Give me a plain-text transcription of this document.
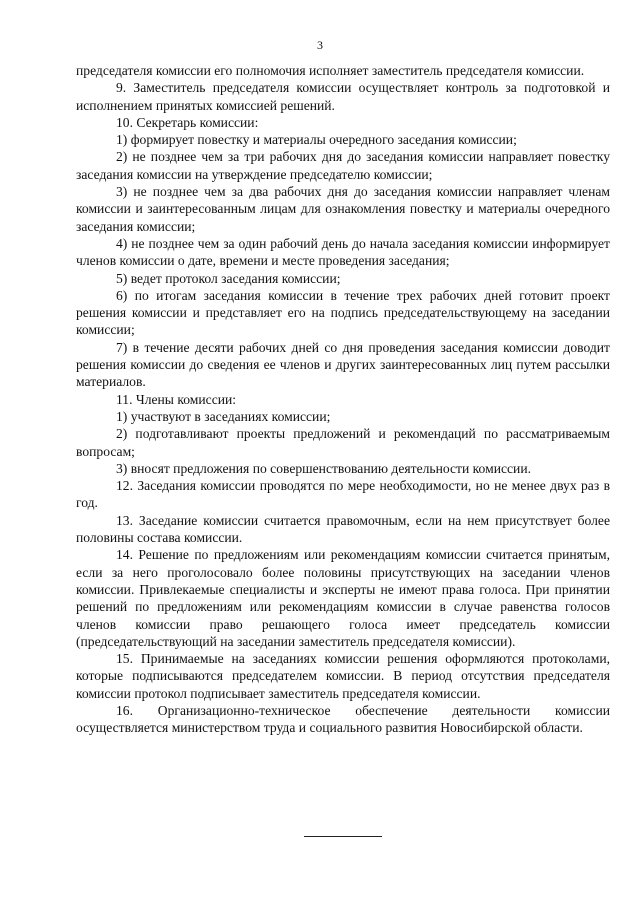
3

председателя комиссии его полномочия исполняет заместитель председателя комиссии.

9. Заместитель председателя комиссии осуществляет контроль за подготовкой и исполнением принятых комиссией решений.

10. Секретарь комиссии:

1) формирует повестку и материалы очередного заседания комиссии;

2) не позднее чем за три рабочих дня до заседания комиссии направляет повестку заседания комиссии на утверждение председателю комиссии;

3) не позднее чем за два рабочих дня до заседания комиссии направляет членам комиссии и заинтересованным лицам для ознакомления повестку и материалы очередного заседания комиссии;

4) не позднее чем за один рабочий день до начала заседания комиссии информирует членов комиссии о дате, времени и месте проведения заседания;

5) ведет протокол заседания комиссии;

6) по итогам заседания комиссии в течение трех рабочих дней готовит проект решения комиссии и представляет его на подпись председательствующему на заседании комиссии;

7) в течение десяти рабочих дней со дня проведения заседания комиссии доводит решения комиссии до сведения ее членов и других заинтересованных лиц путем рассылки материалов.

11. Члены комиссии:

1) участвуют в заседаниях комиссии;

2) подготавливают проекты предложений и рекомендаций по рассматриваемым вопросам;

3) вносят предложения по совершенствованию деятельности комиссии.

12. Заседания комиссии проводятся по мере необходимости, но не менее двух раз в год.

13. Заседание комиссии считается правомочным, если на нем присутствует более половины состава комиссии.

14. Решение по предложениям или рекомендациям комиссии считается принятым, если за него проголосовало более половины присутствующих на заседании членов комиссии. Привлекаемые специалисты и эксперты не имеют права голоса. При принятии решений по предложениям или рекомендациям комиссии в случае равенства голосов членов комиссии право решающего голоса имеет председатель комиссии (председательствующий на заседании заместитель председателя комиссии).

15. Принимаемые на заседаниях комиссии решения оформляются протоколами, которые подписываются председателем комиссии. В период отсутствия председателя комиссии протокол подписывает заместитель председателя комиссии.

16. Организационно-техническое обеспечение деятельности комиссии осуществляется министерством труда и социального развития Новосибирской области.
